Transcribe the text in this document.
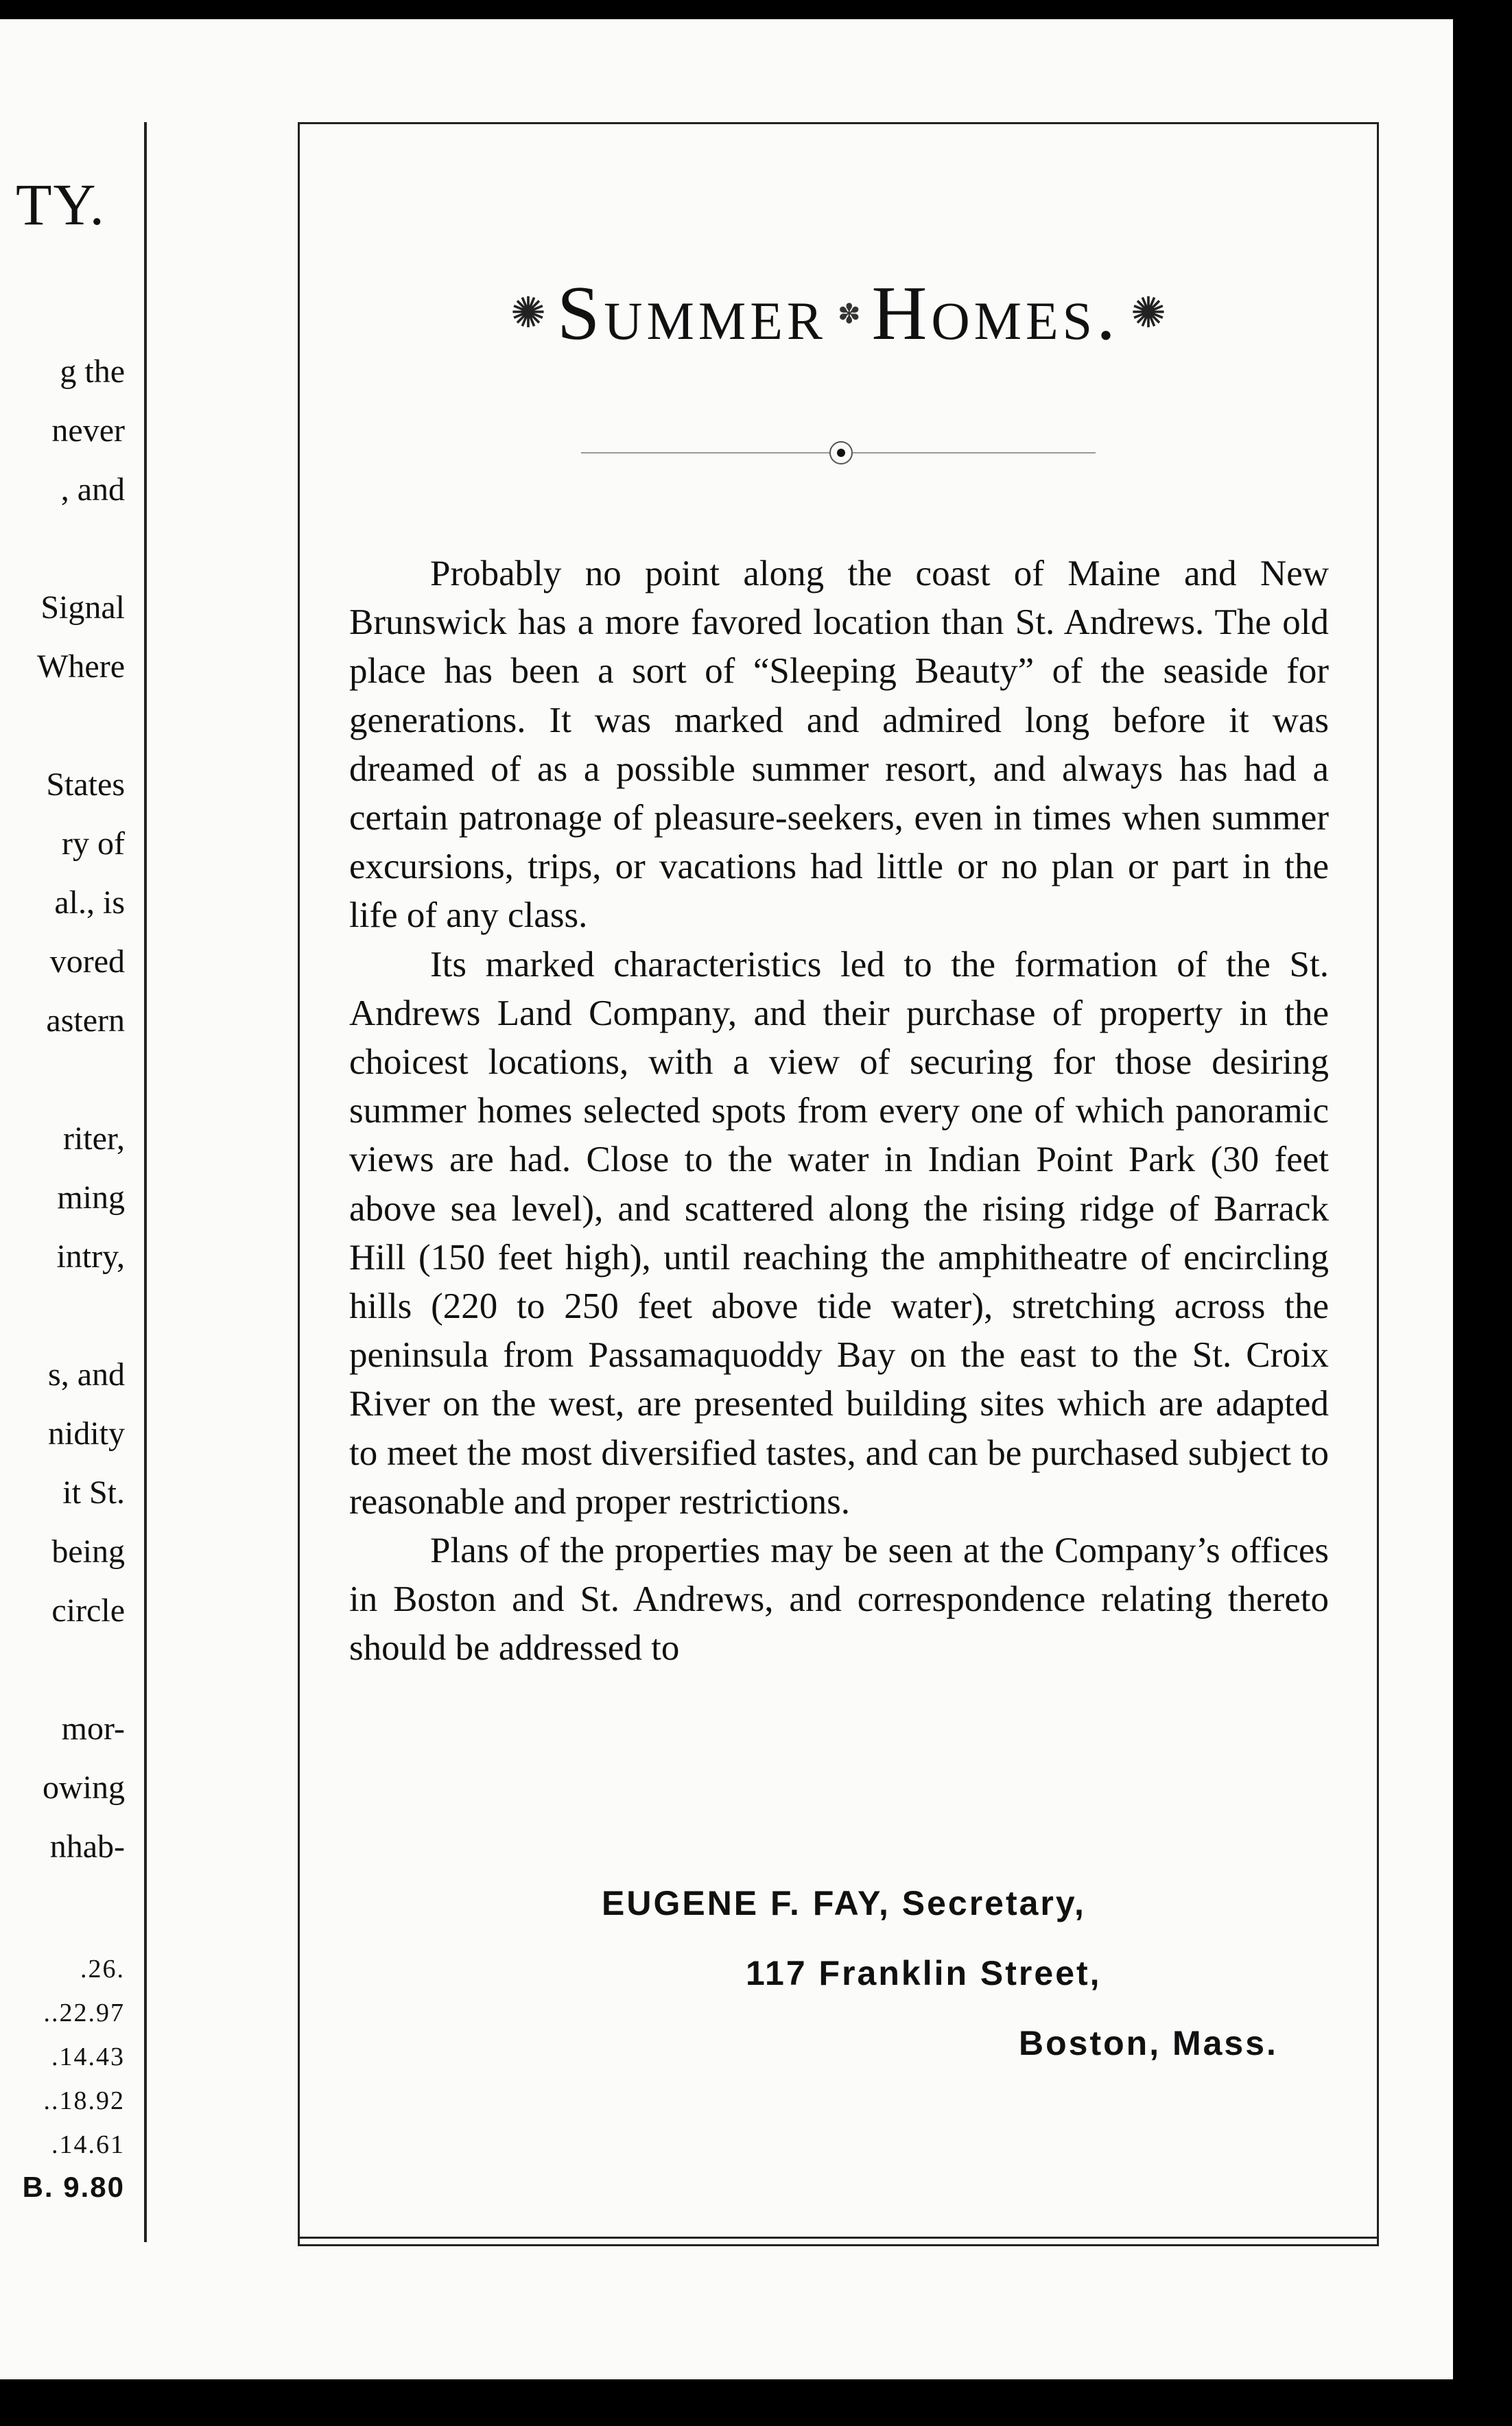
TY.
g the
never
, and
Signal
Where
States
ry of
al., is
vored
astern
riter,
ming
intry,
s, and
nidity
it St.
being
circle
mor-
owing
nhab-
.26.
..22.97
.14.43
..18.92
.14.61
B. 9.80
✺ Summer ✽ Homes. ✺

Probably no point along the coast of Maine and New Brunswick has a more favored location than St. Andrews. The old place has been a sort of “Sleeping Beauty” of the seaside for generations. It was marked and admired long before it was dreamed of as a possible summer resort, and always has had a certain patronage of pleasure-seekers, even in times when summer excursions, trips, or vacations had little or no plan or part in the life of any class.

Its marked characteristics led to the formation of the St. Andrews Land Company, and their purchase of property in the choicest locations, with a view of securing for those desiring summer homes selected spots from every one of which panoramic views are had. Close to the water in Indian Point Park (30 feet above sea level), and scattered along the rising ridge of Barrack Hill (150 feet high), until reaching the amphitheatre of encircling hills (220 to 250 feet above tide water), stretching across the peninsula from Passamaquoddy Bay on the east to the St. Croix River on the west, are presented building sites which are adapted to meet the most diversified tastes, and can be purchased subject to reasonable and proper restrictions.

Plans of the properties may be seen at the Company’s offices in Boston and St. Andrews, and correspondence relating thereto should be addressed to

EUGENE F. FAY, Secretary,
117 Franklin Street,
Boston, Mass.
